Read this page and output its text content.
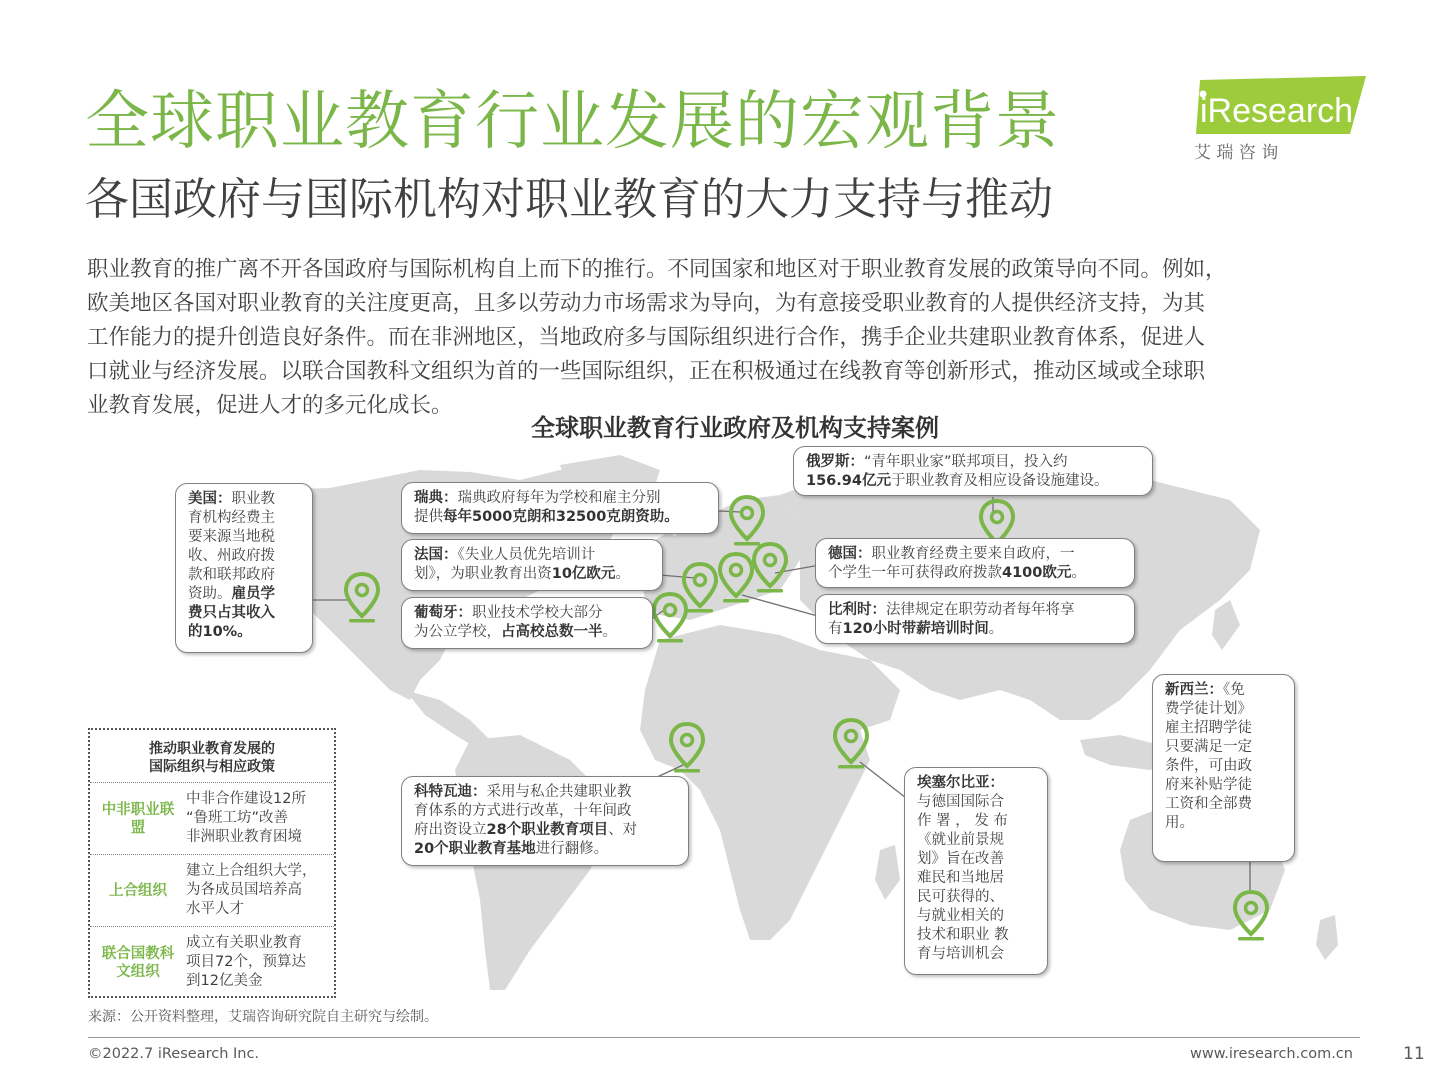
全球职业教育行业发展的宏观背景
各国政府与国际机构对职业教育的大力支持与推动
iResearch
艾 瑞 咨 询
职业教育的推广离不开各国政府与国际机构自上而下的推行。不同国家和地区对于职业教育发展的政策导向不同。例如，
欧美地区各国对职业教育的关注度更高，且多以劳动力市场需求为导向，为有意接受职业教育的人提供经济支持，为其
工作能力的提升创造良好条件。而在非洲地区，当地政府多与国际组织进行合作，携手企业共建职业教育体系，促进人
口就业与经济发展。以联合国教科文组织为首的一些国际组织，正在积极通过在线教育等创新形式，推动区域或全球职
业教育发展，促进人才的多元化成长。
全球职业教育行业政府及机构支持案例
美国：职业教
育机构经费主
要来源当地税
收、州政府拨
款和联邦政府
资助。雇员学
费只占其收入
的10%。
瑞典：瑞典政府每年为学校和雇主分别
提供每年5000克朗和32500克朗资助。
俄罗斯：“青年职业家”联邦项目，投入约
156.94亿元于职业教育及相应设备设施建设。
法国：《失业人员优先培训计
划》，为职业教育出资10亿欧元。
德国：职业教育经费主要来自政府，一
个学生一年可获得政府拨款4100欧元。
葡萄牙：职业技术学校大部分
为公立学校，占高校总数一半。
比利时：法律规定在职劳动者每年将享
有120小时带薪培训时间。
新西兰：《免
费学徒计划》
雇主招聘学徒
只要满足一定
条件，可由政
府来补贴学徒
工资和全部费
用。
科特瓦迪：采用与私企共建职业教
育体系的方式进行改革，十年间政
府出资设立28个职业教育项目、对
20个职业教育基地进行翻修。
埃塞尔比亚：
与德国国际合
作 署 ， 发 布
《就业前景规
划》旨在改善
难民和当地居
民可获得的、
与就业相关的
技术和职业 教
育与培训机会
推动职业教育发展的
国际组织与相应政策
中非职业联
盟
中非合作建设12所
“鲁班工坊”改善
非洲职业教育困境
上合组织
建立上合组织大学，
为各成员国培养高
水平人才
联合国教科
文组织
成立有关职业教育
项目72个，预算达
到12亿美金
来源：公开资料整理，艾瑞咨询研究院自主研究与绘制。
©2022.7 iResearch Inc.	www.iresearch.com.cn	11
